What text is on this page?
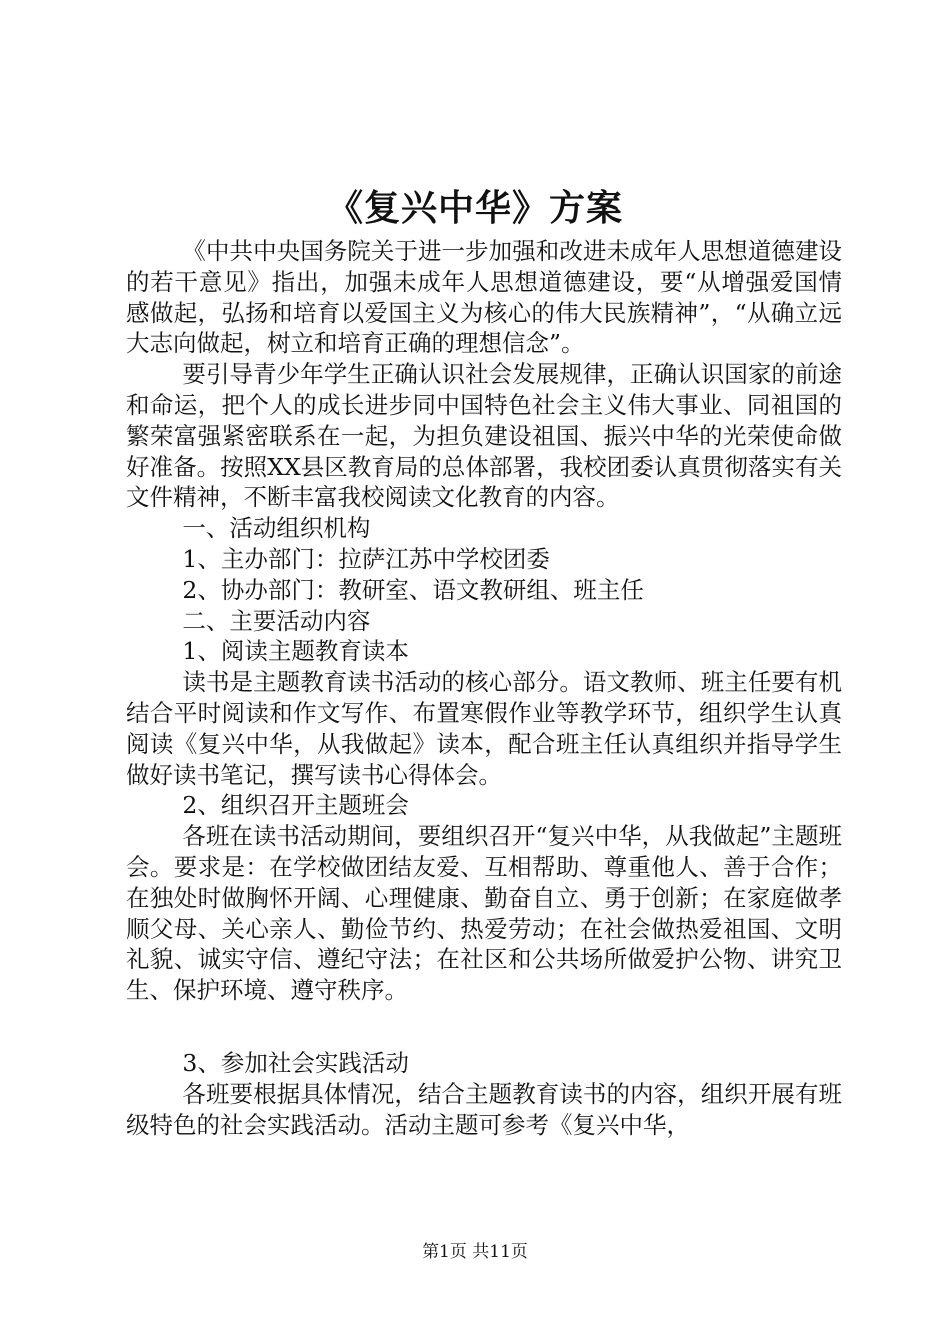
《复兴中华》方案

《中共中央国务院关于进一步加强和改进未成年人思想道德建设的若干意见》指出，加强未成年人思想道德建设，要“从增强爱国情感做起，弘扬和培育以爱国主义为核心的伟大民族精神”，“从确立远大志向做起，树立和培育正确的理想信念”。

要引导青少年学生正确认识社会发展规律，正确认识国家的前途和命运，把个人的成长进步同中国特色社会主义伟大事业、同祖国的繁荣富强紧密联系在一起，为担负建设祖国、振兴中华的光荣使命做好准备。按照XX县区教育局的总体部署，我校团委认真贯彻落实有关文件精神，不断丰富我校阅读文化教育的内容。

一、活动组织机构

1、主办部门：拉萨江苏中学校团委

2、协办部门：教研室、语文教研组、班主任

二、主要活动内容

1、阅读主题教育读本

读书是主题教育读书活动的核心部分。语文教师、班主任要有机结合平时阅读和作文写作、布置寒假作业等教学环节，组织学生认真阅读《复兴中华，从我做起》读本，配合班主任认真组织并指导学生做好读书笔记，撰写读书心得体会。

2、组织召开主题班会

各班在读书活动期间，要组织召开“复兴中华，从我做起”主题班会。要求是：在学校做团结友爱、互相帮助、尊重他人、善于合作；在独处时做胸怀开阔、心理健康、勤奋自立、勇于创新；在家庭做孝顺父母、关心亲人、勤俭节约、热爱劳动；在社会做热爱祖国、文明礼貌、诚实守信、遵纪守法；在社区和公共场所做爱护公物、讲究卫生、保护环境、遵守秩序。

3、参加社会实践活动

各班要根据具体情况，结合主题教育读书的内容，组织开展有班级特色的社会实践活动。活动主题可参考《复兴中华，

第1页 共11页
